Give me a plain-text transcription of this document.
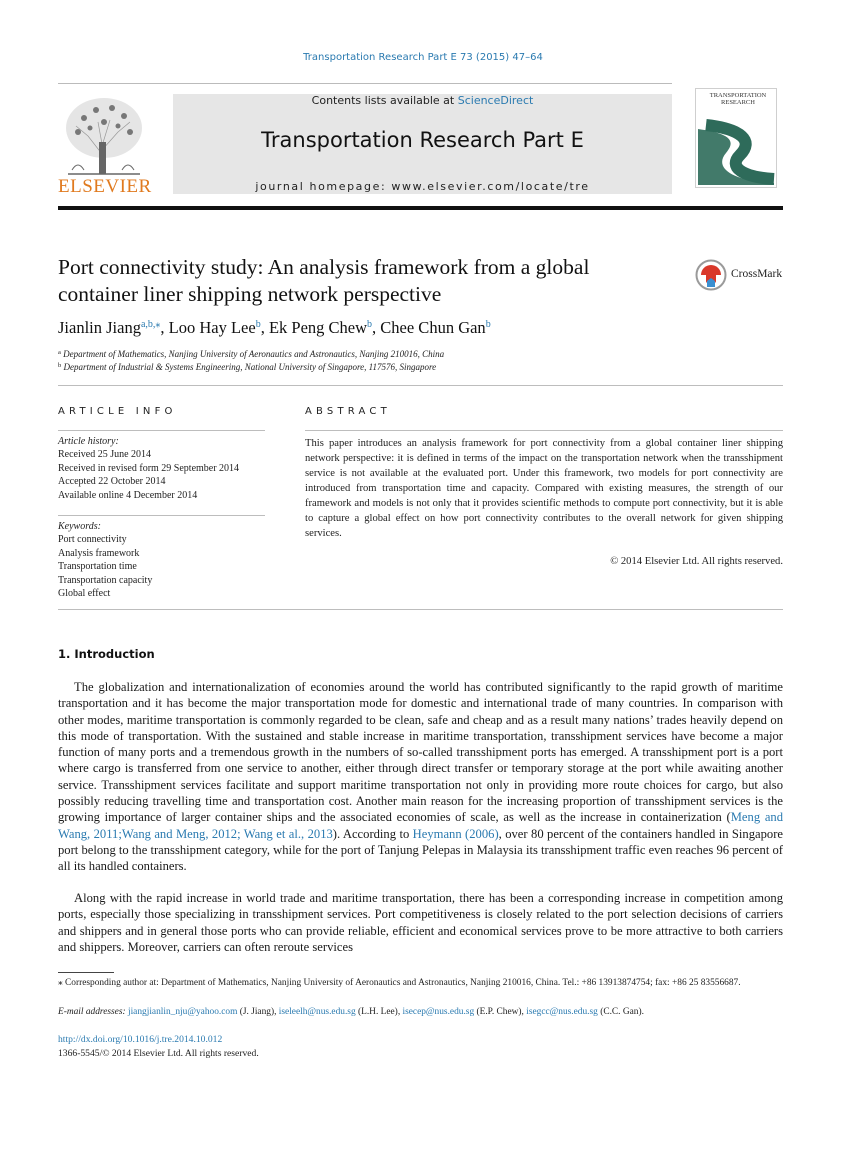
Transportation Research Part E 73 (2015) 47–64
ELSEVIER
Contents lists available at ScienceDirect
Transportation Research Part E
journal homepage: www.elsevier.com/locate/tre
TRANSPORTATION
RESEARCH
Port connectivity study: An analysis framework from a global
container liner shipping network perspective
CrossMark
Jianlin Jiang$^{a,b,⁎}$, Loo Hay Lee$^b$, Ek Peng Chew$^b$, Chee Chun Gan$^b$
$^a$ Department of Mathematics, Nanjing University of Aeronautics and Astronautics, Nanjing 210016, China
$^b$ Department of Industrial & Systems Engineering, National University of Singapore, 117576, Singapore
ARTICLE INFO
Article history:
Received 25 June 2014
Received in revised form 29 September 2014
Accepted 22 October 2014
Available online 4 December 2014
Keywords:
Port connectivity
Analysis framework
Transportation time
Transportation capacity
Global effect
ABSTRACT
This paper introduces an analysis framework for port connectivity from a global container liner shipping network perspective: it is defined in terms of the impact on the transportation network when the transshipment service is not available at the evaluated port. Under this framework, two models for port connectivity are introduced from transportation time and capacity. Compared with existing measures, the strength of our framework and models is not only that it provides scientific methods to compute port connectivity, but it is able to capture a global effect on how port connectivity contributes to the overall network for given shipping services.
© 2014 Elsevier Ltd. All rights reserved.
1. Introduction
The globalization and internationalization of economies around the world has contributed significantly to the rapid growth of maritime transportation and it has become the major transportation mode for domestic and international trade of many countries. In comparison with other modes, maritime transportation is commonly regarded to be clean, safe and cheap and as a result many nations’ trades heavily depend on this mode of transportation. With the sustained and stable increase in maritime transportation, transshipment services have become a major function of many ports and a tremendous growth in the numbers of so-called transshipment ports has emerged. A transshipment port is a port where cargo is transferred from one service to another, either through direct transfer or temporary storage at the port while awaiting another service. Transshipment services facilitate and support maritime transportation not only in providing more route choices for cargo, but also possibly reducing travelling time and transportation cost. Another main reason for the increasing proportion of transshipment services is the growing importance of larger container ships and the associated economies of scale, as well as the increase in containerization (Meng and Wang, 2011;Wang and Meng, 2012; Wang et al., 2013). According to Heymann (2006), over 80 percent of the containers handled in Singapore port belong to the transshipment category, while for the port of Tanjung Pelepas in Malaysia its transshipment traffic even reaches 96 percent of all its handled containers.
Along with the rapid increase in world trade and maritime transportation, there has been a corresponding increase in competition among ports, especially those specializing in transshipment services. Port competitiveness is closely related to the port selection decisions of carriers and shippers and in general those ports who can provide reliable, efficient and economical services prove to be more attractive to both carriers and shippers. Moreover, carriers can often reroute services
⁎ Corresponding author at: Department of Mathematics, Nanjing University of Aeronautics and Astronautics, Nanjing 210016, China. Tel.: +86 13913874754; fax: +86 25 83556687.
E-mail addresses: jiangjianlin_nju@yahoo.com (J. Jiang), iseleelh@nus.edu.sg (L.H. Lee), isecep@nus.edu.sg (E.P. Chew), isegcc@nus.edu.sg (C.C. Gan).
http://dx.doi.org/10.1016/j.tre.2014.10.012
1366-5545/© 2014 Elsevier Ltd. All rights reserved.
